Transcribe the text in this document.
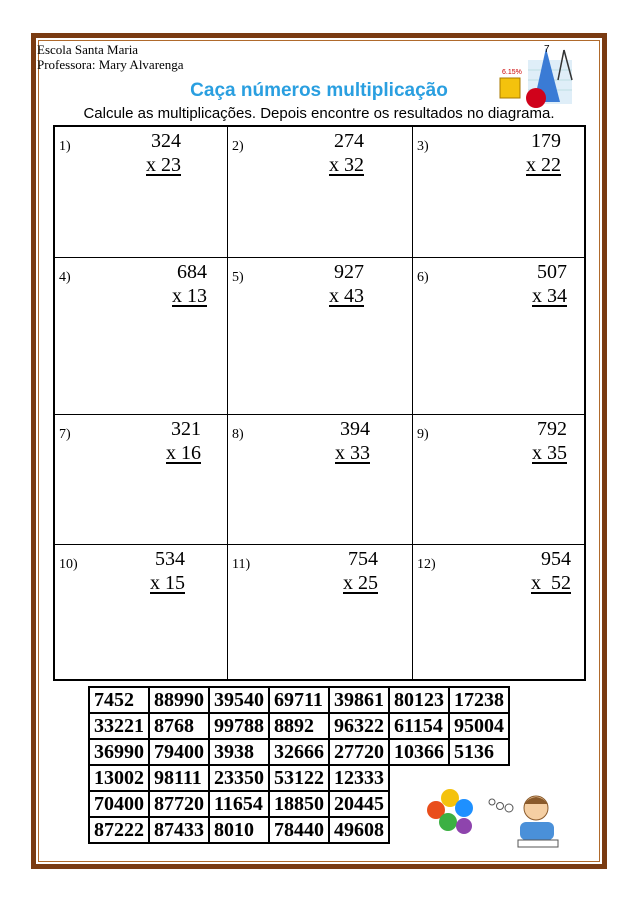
Escola Santa Maria
Professora: Mary Alvarenga
6.15%
7
Caça números multiplicação
Calcule as multiplicações. Depois encontre os resultados no diagrama.
1)	324
x 23
2)	274
x 32
3)	179
x 22
4)	684
x 13
5)	927
x 43
6)	507
x 34
7)	321
x 16
8)	394
x 33
9)	792
x 35
10)	534
x 15
11)	754
x 25
12)	954
x  52
7452	88990	39540	69711	39861	80123	17238
33221	8768	99788	8892	96322	61154	95004
36990	79400	3938	32666	27720	10366	5136
13002	98111	23350	53122	12333		
70400	87720	11654	18850	20445		
87222	87433	8010	78440	49608		
